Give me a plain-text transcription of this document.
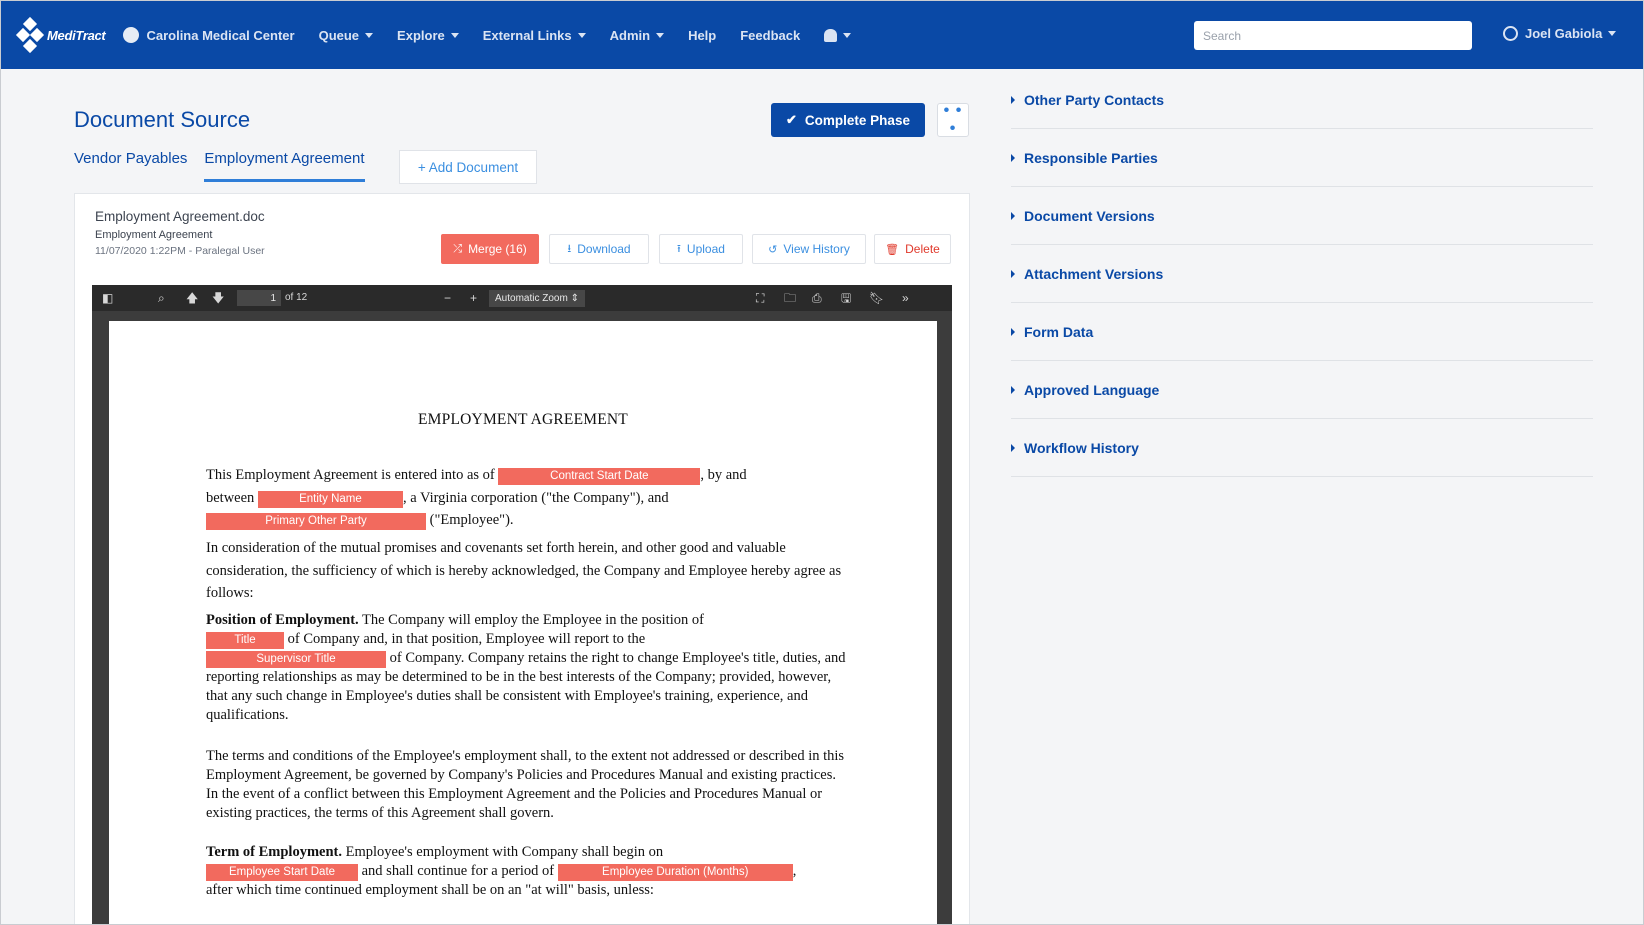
MediTract	Carolina Medical Center Queue	Explore	External Links	Admin	Help Feedback
Search	Joel Gabiola
Document Source	✔ Complete Phase
• • •
Vendor Payables Employment Agreement	+ Add Document
Employment Agreement.doc
Employment Agreement
11/07/2020 1:22PM - Paralegal User	⤮ Merge (16)	⭳ Download	⭱ Upload	↺ View History	🗑 Delete
◧	⌕ 🡅 🡇
1	of 12	− +	Automatic Zoom ⇕	⛶ 🗀 ⎙ 🖫 🔖︎ »
EMPLOYMENT AGREEMENT
This Employment Agreement is entered into as of	Contract Start Date	, by and
between	Entity Name	, a Virginia corporation ("the Company"), and
Primary Other Party	("Employee").
In consideration of the mutual promises and covenants set forth herein, and other good and valuable consideration, the sufficiency of which is hereby acknowledged, the Company and Employee hereby agree as follows:
Position of Employment. The Company will employ the Employee in the position of
Title of Company and, in that position, Employee will report to the
Supervisor Title	of Company. Company retains the right to change Employee's title, duties, and reporting relationships as may be determined to be in the best interests of the Company; provided, however, that any such change in Employee's duties shall be consistent with Employee's training, experience, and qualifications.
The terms and conditions of the Employee's employment shall, to the extent not addressed or described in this Employment Agreement, be governed by Company's Policies and Procedures Manual and existing practices. In the event of a conflict between this Employment Agreement and the Policies and Procedures Manual or existing practices, the terms of this Agreement shall govern.
Term of Employment. Employee's employment with Company shall begin on
Employee Start Date and shall continue for a period of	Employee Duration (Months)	,
after which time continued employment shall be on an "at will" basis, unless:
Other Party Contacts
Responsible Parties
Document Versions
Attachment Versions
Form Data
Approved Language
Workflow History
